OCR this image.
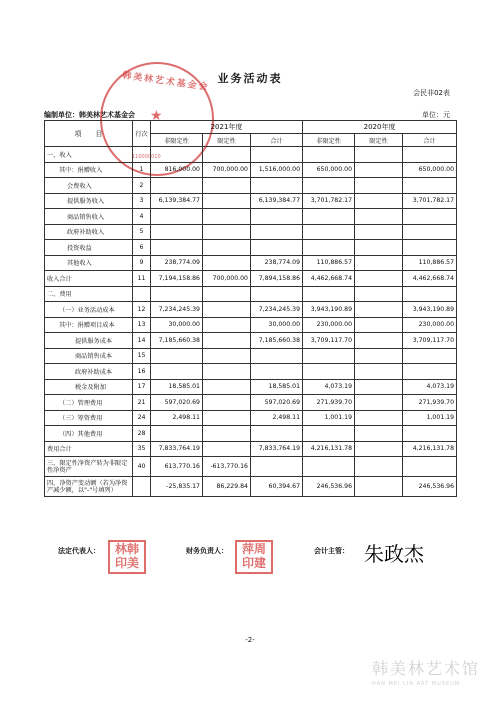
业务活动表
会民非02表
编制单位：韩美林艺术基金会	单位：元
韩美林艺术基金会
★
110000010
项　　目	行次	2021年度			2020年度		
		非限定性	限定性	合计	非限定性	限定性	合计
一、收入							
其中：捐赠收入	1	816,000.00	700,000.00	1,516,000.00	650,000.00		650,000.00
会费收入	2						
提供服务收入	3	6,139,384.77		6,139,384.77	3,701,782.17		3,701,782.17
商品销售收入	4						
政府补助收入	5						
投资收益	6						
其他收入	9	238,774.09		238,774.09	110,886.57		110,886.57
收入合计	11	7,194,158.86	700,000.00	7,894,158.86	4,462,668.74		4,462,668.74
二、费用							
（一）业务活动成本	12	7,234,245.39		7,234,245.39	3,943,190.89		3,943,190.89
其中：捐赠项目成本	13	30,000.00		30,000.00	230,000.00		230,000.00
提供服务成本	14	7,185,660.38		7,185,660.38	3,709,117.70		3,709,117.70
商品销售成本	15						
政府补助成本	16						
税金及附加	17	18,585.01		18,585.01	4,073.19		4,073.19
（二）管理费用	21	597,020.69		597,020.69	271,939.70		271,939.70
（三）筹资费用	24	2,498.11		2,498.11	1,001.19		1,001.19
（四）其他费用	28						
费用合计	35	7,833,764.19		7,833,764.19	4,216,131.78		4,216,131.78
三、限定性净资产转为非限定性净资产	40	613,770.16	-613,770.16				
四、净资产变动额（若为净资产减少额，以"-"号填列）		-25,835.17	86,229.84	60,394.67	246,536.96		246,536.96
法定代表人：	林韩
印美
财务负责人：	萍周
印建
会计主管： 朱政杰
-2-
韩美林艺术馆
HAN MEI LIN ART MUSEUM
